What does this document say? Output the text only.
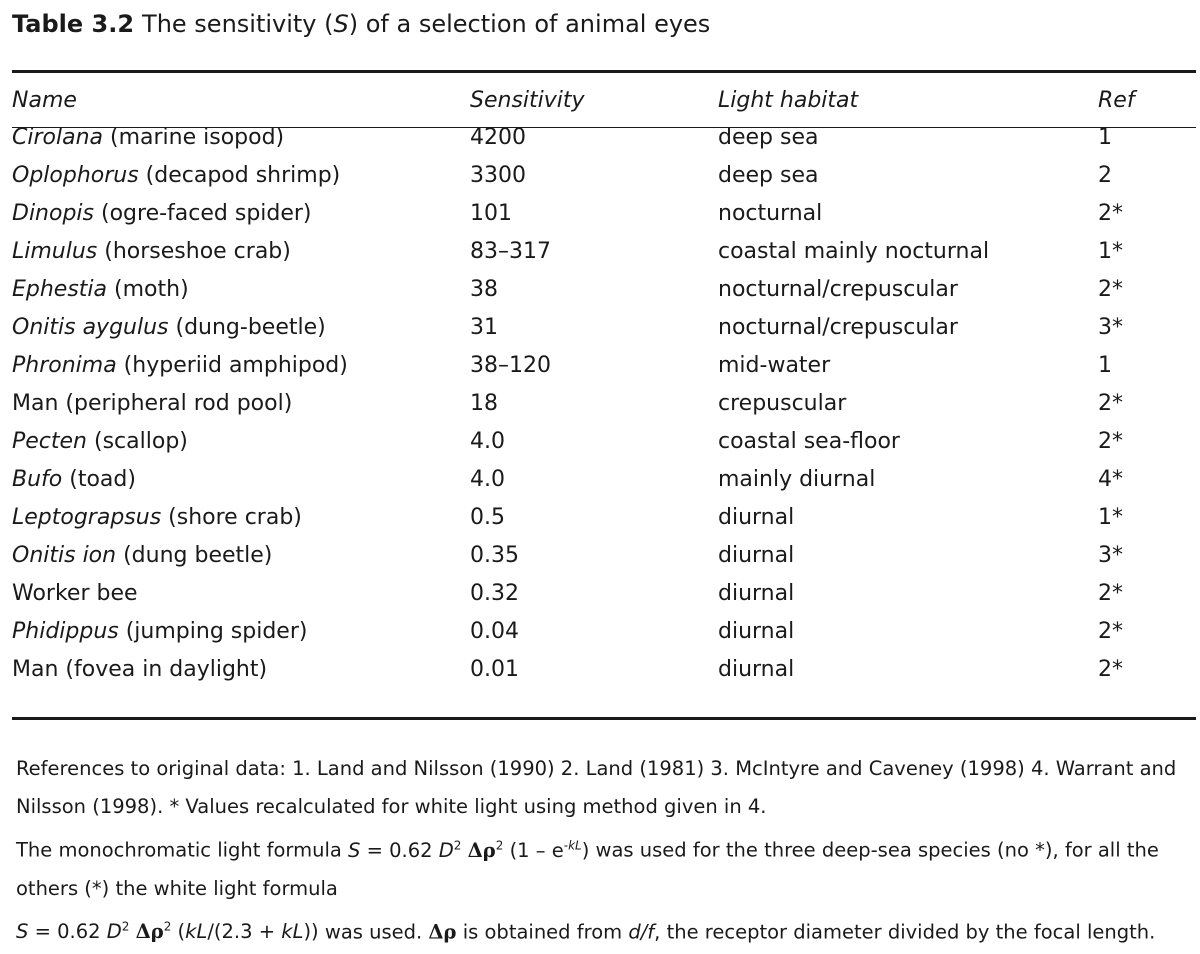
Table 3.2 The sensitivity (S) of a selection of animal eyes
Name	Sensitivity	Light habitat	Ref
Cirolana (marine isopod)	4200	deep sea	1
Oplophorus (decapod shrimp)	3300	deep sea	2
Dinopis (ogre-faced spider)	101	nocturnal	2*
Limulus (horseshoe crab)	83–317	coastal mainly nocturnal	1*
Ephestia (moth)	38	nocturnal/crepuscular	2*
Onitis aygulus (dung-beetle)	31	nocturnal/crepuscular	3*
Phronima (hyperiid amphipod)	38–120	mid-water	1
Man (peripheral rod pool)	18	crepuscular	2*
Pecten (scallop)	4.0	coastal sea-floor	2*
Bufo (toad)	4.0	mainly diurnal	4*
Leptograpsus (shore crab)	0.5	diurnal	1*
Onitis ion (dung beetle)	0.35	diurnal	3*
Worker bee	0.32	diurnal	2*
Phidippus (jumping spider)	0.04	diurnal	2*
Man (fovea in daylight)	0.01	diurnal	2*

References to original data: 1. Land and Nilsson (1990) 2. Land (1981) 3. McIntyre and Caveney (1998) 4. Warrant and Nilsson (1998). * Values recalculated for white light using method given in 4.

The monochromatic light formula S = 0.62 $D^2$ $\Delta\rho^2$ $(1 - e^{-kL})$ was used for the three deep-sea species (no *), for all the others (*) the white light formula

S = 0.62 $D^2$ $\Delta\rho^2$ (kL/(2.3 + kL)) was used. Δρ is obtained from d/f, the receptor diameter divided by the focal length.
